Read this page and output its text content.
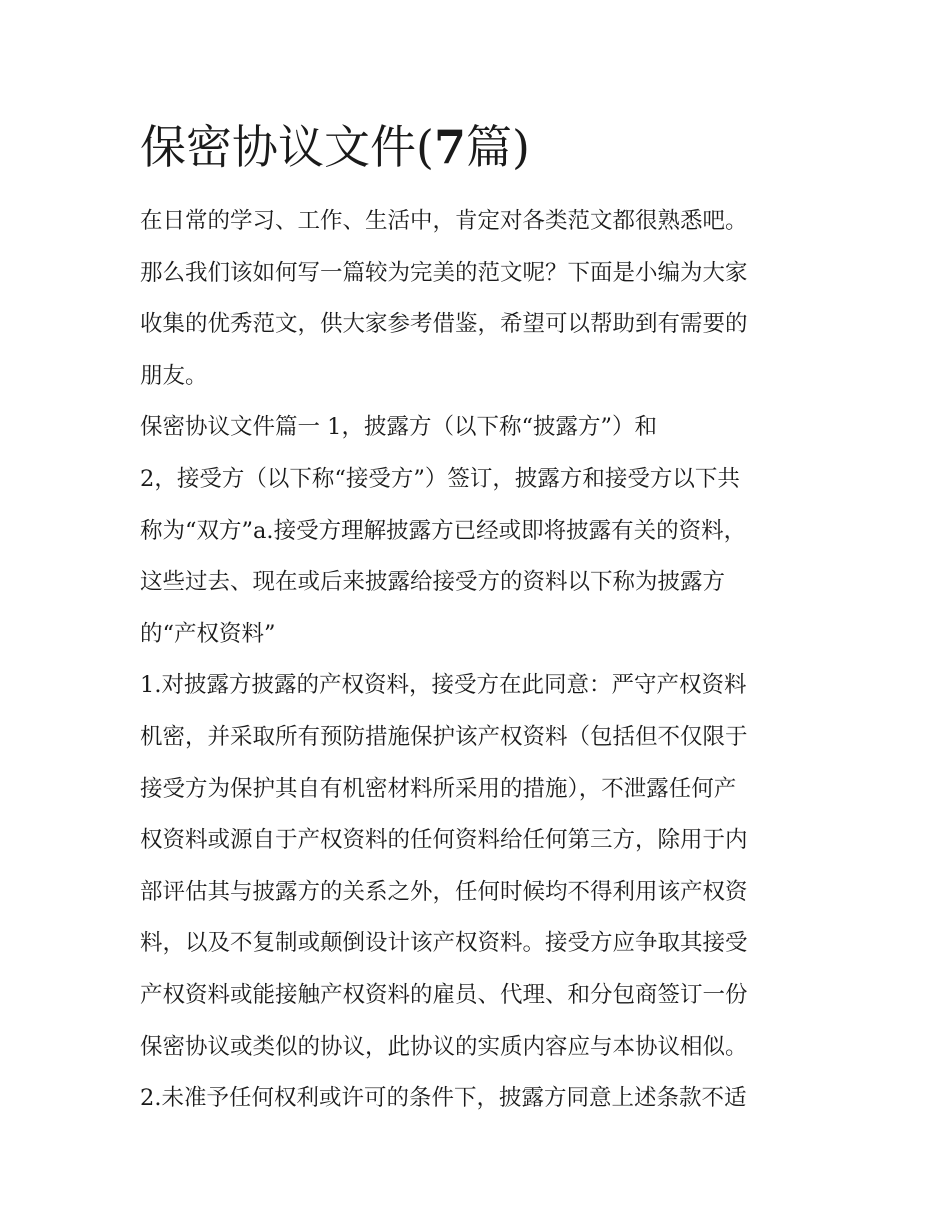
保密协议文件(7篇)
在日常的学习、工作、生活中，肯定对各类范文都很熟悉吧。
那么我们该如何写一篇较为完美的范文呢？下面是小编为大家
收集的优秀范文，供大家参考借鉴，希望可以帮助到有需要的
朋友。
保密协议文件篇一 1，披露方（以下称“披露方”）和
2，接受方（以下称“接受方”）签订，披露方和接受方以下共
称为“双方”a.接受方理解披露方已经或即将披露有关的资料，
这些过去、现在或后来披露给接受方的资料以下称为披露方
的“产权资料”
1.对披露方披露的产权资料，接受方在此同意：严守产权资料
机密，并采取所有预防措施保护该产权资料（包括但不仅限于
接受方为保护其自有机密材料所采用的措施），不泄露任何产
权资料或源自于产权资料的任何资料给任何第三方，除用于内
部评估其与披露方的关系之外，任何时候均不得利用该产权资
料，以及不复制或颠倒设计该产权资料。接受方应争取其接受
产权资料或能接触产权资料的雇员、代理、和分包商签订一份
保密协议或类似的协议，此协议的实质内容应与本协议相似。
2.未准予任何权利或许可的条件下，披露方同意上述条款不适
